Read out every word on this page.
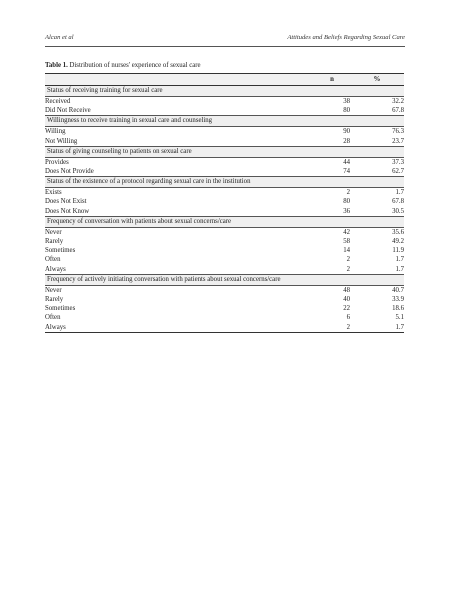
Alcan et al	Attitudes and Beliefs Regarding Sexual Care
Table 1. Distribution of nurses' experience of sexual care
	n	%
Status of receiving training for sexual care		
Received	38	32.2
Did Not Receive	80	67.8
Willingness to receive training in sexual care and counseling		
Willing	90	76.3
Not Willing	28	23.7
Status of giving counseling to patients on sexual care		
Provides	44	37.3
Does Not Provide	74	62.7
Status of the existence of a protocol regarding sexual care in the institution		
Exists	2	1.7
Does Not Exist	80	67.8
Does Not Know	36	30.5
Frequency of conversation with patients about sexual concerns/care		
Never	42	35.6
Rarely	58	49.2
Sometimes	14	11.9
Often	2	1.7
Always	2	1.7
Frequency of actively initiating conversation with patients about sexual concerns/care		
Never	48	40.7
Rarely	40	33.9
Sometimes	22	18.6
Often	6	5.1
Always	2	1.7
